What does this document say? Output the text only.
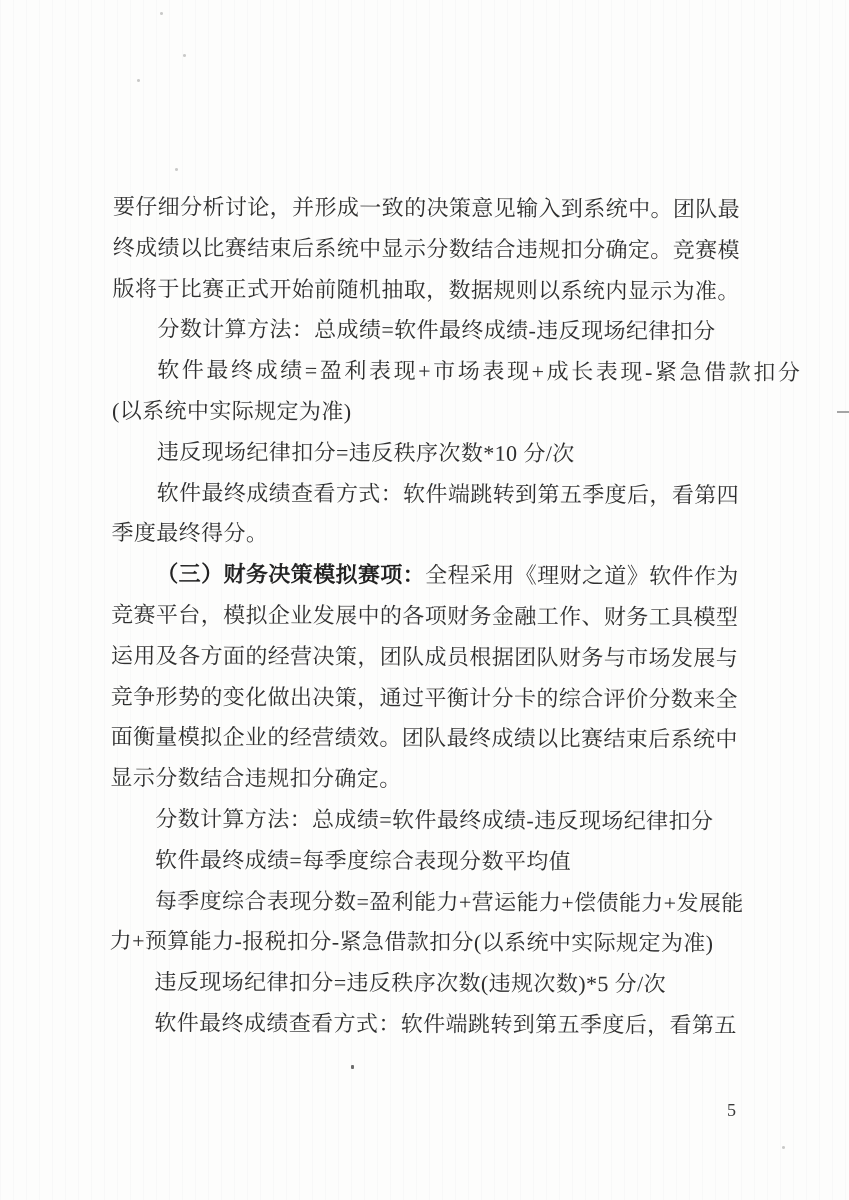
要仔细分析讨论，并形成一致的决策意见输入到系统中。团队最
终成绩以比赛结束后系统中显示分数结合违规扣分确定。竞赛模
版将于比赛正式开始前随机抽取，数据规则以系统内显示为准。
分数计算方法：总成绩=软件最终成绩-违反现场纪律扣分
软件最终成绩=盈利表现+市场表现+成长表现-紧急借款扣分
(以系统中实际规定为准)
违反现场纪律扣分=违反秩序次数*10 分/次
软件最终成绩查看方式：软件端跳转到第五季度后，看第四
季度最终得分。
（三）财务决策模拟赛项：全程采用《理财之道》软件作为
竞赛平台，模拟企业发展中的各项财务金融工作、财务工具模型
运用及各方面的经营决策，团队成员根据团队财务与市场发展与
竞争形势的变化做出决策，通过平衡计分卡的综合评价分数来全
面衡量模拟企业的经营绩效。团队最终成绩以比赛结束后系统中
显示分数结合违规扣分确定。
分数计算方法：总成绩=软件最终成绩-违反现场纪律扣分
软件最终成绩=每季度综合表现分数平均值
每季度综合表现分数=盈利能力+营运能力+偿债能力+发展能
力+预算能力-报税扣分-紧急借款扣分(以系统中实际规定为准)
违反现场纪律扣分=违反秩序次数(违规次数)*5 分/次
软件最终成绩查看方式：软件端跳转到第五季度后，看第五
5
